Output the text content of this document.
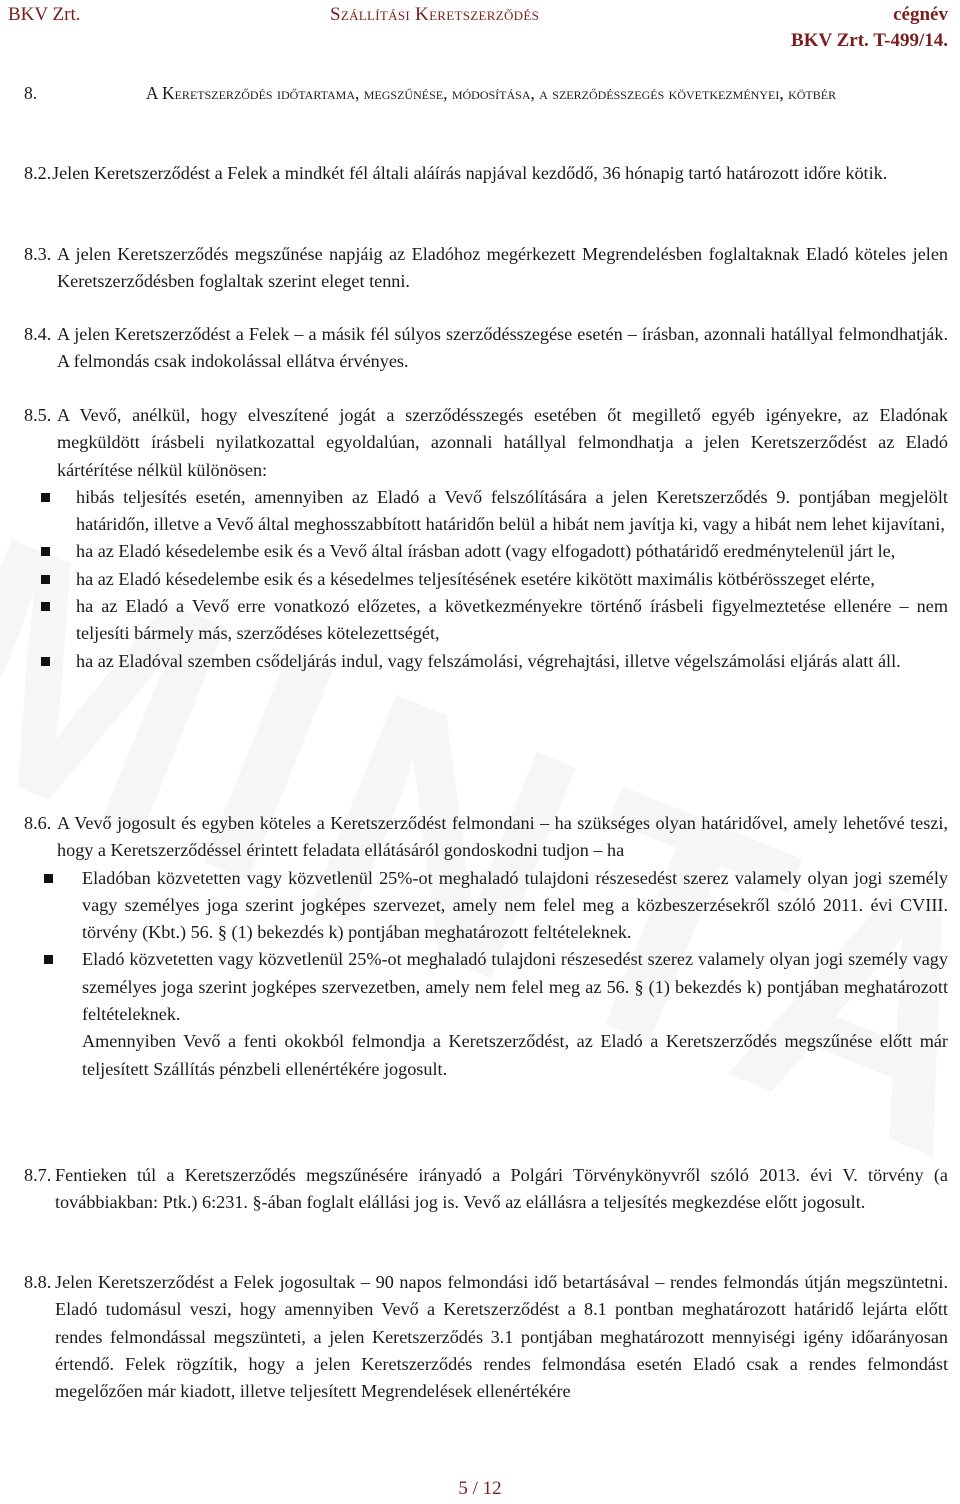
BKV Zrt.	Szállítási Keretszerződés	cégnév
BKV Zrt. T-499/14.
8.	A Keretszerződés időtartama, megszűnése, módosítása, a szerződésszegés következményei, kötbér
8.2. Jelen Keretszerződést a Felek a mindkét fél általi aláírás napjával kezdődő, 36 hónapig tartó határozott időre kötik.
8.3. A jelen Keretszerződés megszűnése napjáig az Eladóhoz megérkezett Megrendelésben foglaltaknak Eladó köteles jelen Keretszerződésben foglaltak szerint eleget tenni.
8.4. A jelen Keretszerződést a Felek – a másik fél súlyos szerződésszegése esetén – írásban, azonnali hatállyal felmondhatják. A felmondás csak indokolással ellátva érvényes.
8.5. A Vevő, anélkül, hogy elveszítené jogát a szerződésszegés esetében őt megillető egyéb igényekre, az Eladónak megküldött írásbeli nyilatkozattal egyoldalúan, azonnali hatállyal felmondhatja a jelen Keretszerződést az Eladó kártérítése nélkül különösen:
hibás teljesítés esetén, amennyiben az Eladó a Vevő felszólítására a jelen Keretszerződés 9. pontjában megjelölt határidőn, illetve a Vevő által meghosszabbított határidőn belül a hibát nem javítja ki, vagy a hibát nem lehet kijavítani,
ha az Eladó késedelembe esik és a Vevő által írásban adott (vagy elfogadott) póthatáridő eredménytelenül járt le,
ha az Eladó késedelembe esik és a késedelmes teljesítésének esetére kikötött maximális kötbérösszeget elérte,
ha az Eladó a Vevő erre vonatkozó előzetes, a következményekre történő írásbeli figyelmeztetése ellenére – nem teljesíti bármely más, szerződéses kötelezettségét,
ha az Eladóval szemben csődeljárás indul, vagy felszámolási, végrehajtási, illetve végelszámolási eljárás alatt áll.
8.6. A Vevő jogosult és egyben köteles a Keretszerződést felmondani – ha szükséges olyan határidővel, amely lehetővé teszi, hogy a Keretszerződéssel érintett feladata ellátásáról gondoskodni tudjon – ha
Eladóban közvetetten vagy közvetlenül 25%-ot meghaladó tulajdoni részesedést szerez valamely olyan jogi személy vagy személyes joga szerint jogképes szervezet, amely nem felel meg a közbeszerzésekről szóló 2011. évi CVIII. törvény (Kbt.) 56. § (1) bekezdés k) pontjában meghatározott feltételeknek.
Eladó közvetetten vagy közvetlenül 25%-ot meghaladó tulajdoni részesedést szerez valamely olyan jogi személy vagy személyes joga szerint jogképes szervezetben, amely nem felel meg az 56. § (1) bekezdés k) pontjában meghatározott feltételeknek.
Amennyiben Vevő a fenti okokból felmondja a Keretszerződést, az Eladó a Keretszerződés megszűnése előtt már teljesített Szállítás pénzbeli ellenértékére jogosult.
8.7. Fentieken túl a Keretszerződés megszűnésére irányadó a Polgári Törvénykönyvről szóló 2013. évi V. törvény (a továbbiakban: Ptk.) 6:231. §-ában foglalt elállási jog is. Vevő az elállásra a teljesítés megkezdése előtt jogosult.
8.8. Jelen Keretszerződést a Felek jogosultak – 90 napos felmondási idő betartásával – rendes felmondás útján megszüntetni. Eladó tudomásul veszi, hogy amennyiben Vevő a Keretszerződést a 8.1 pontban meghatározott határidő lejárta előtt rendes felmondással megszünteti, a jelen Keretszerződés 3.1 pontjában meghatározott mennyiségi igény időarányosan értendő. Felek rögzítik, hogy a jelen Keretszerződés rendes felmondása esetén Eladó csak a rendes felmondást megelőzően már kiadott, illetve teljesített Megrendelések ellenértékére
5 / 12
